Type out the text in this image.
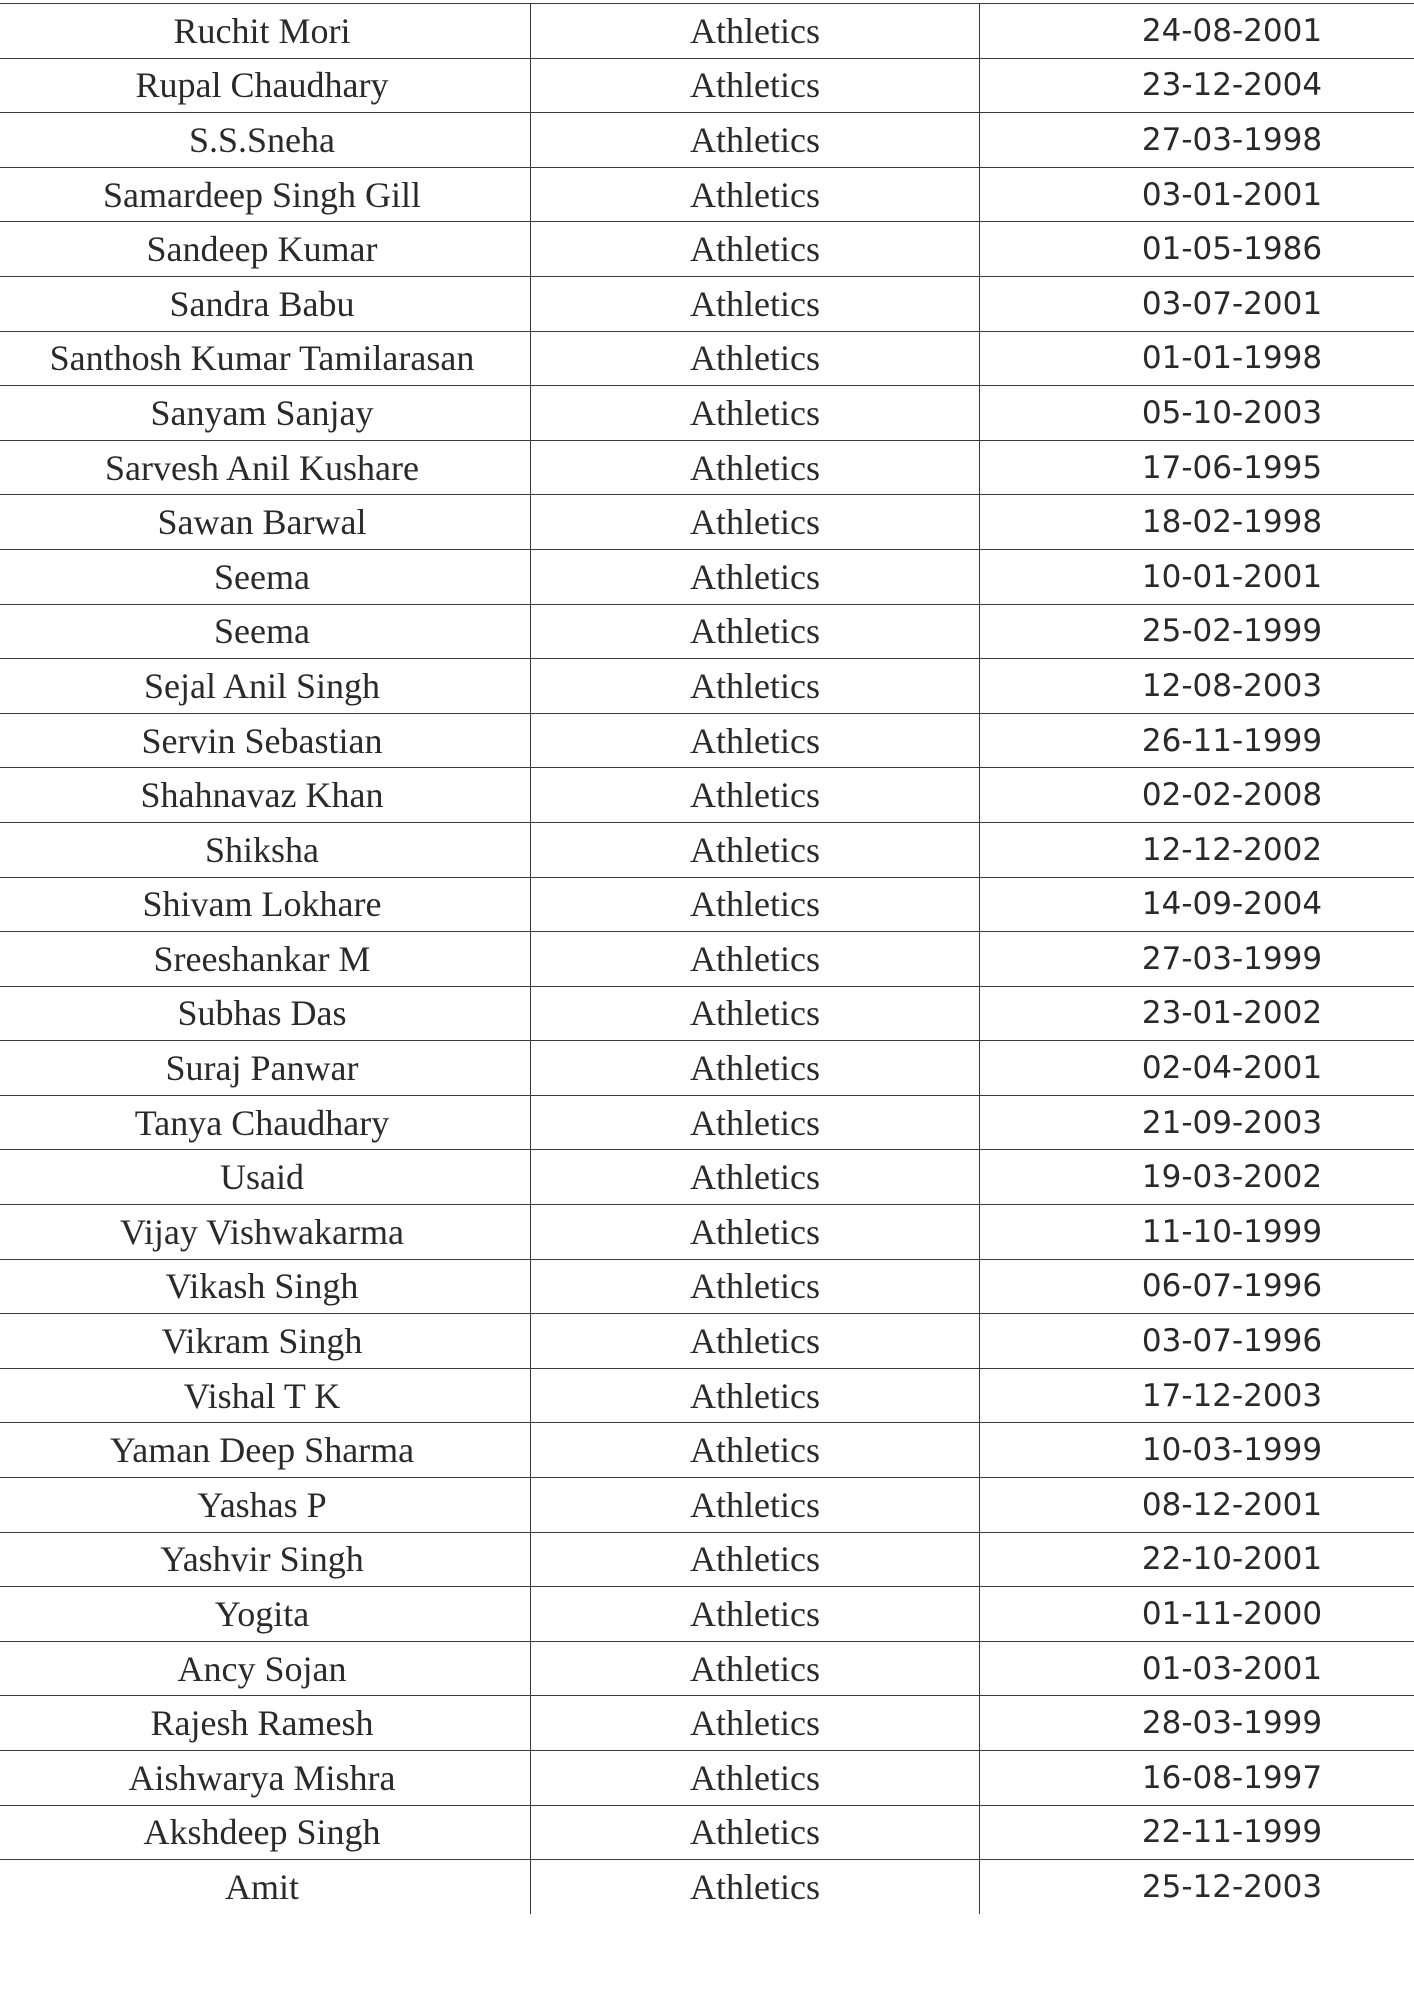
Ruchit Mori	Athletics	24-08-2001
Rupal Chaudhary	Athletics	23-12-2004
S.S.Sneha	Athletics	27-03-1998
Samardeep Singh Gill	Athletics	03-01-2001
Sandeep Kumar	Athletics	01-05-1986
Sandra Babu	Athletics	03-07-2001
Santhosh Kumar Tamilarasan	Athletics	01-01-1998
Sanyam Sanjay	Athletics	05-10-2003
Sarvesh Anil Kushare	Athletics	17-06-1995
Sawan Barwal	Athletics	18-02-1998
Seema	Athletics	10-01-2001
Seema	Athletics	25-02-1999
Sejal Anil Singh	Athletics	12-08-2003
Servin Sebastian	Athletics	26-11-1999
Shahnavaz Khan	Athletics	02-02-2008
Shiksha	Athletics	12-12-2002
Shivam Lokhare	Athletics	14-09-2004
Sreeshankar M	Athletics	27-03-1999
Subhas Das	Athletics	23-01-2002
Suraj Panwar	Athletics	02-04-2001
Tanya Chaudhary	Athletics	21-09-2003
Usaid	Athletics	19-03-2002
Vijay Vishwakarma	Athletics	11-10-1999
Vikash Singh	Athletics	06-07-1996
Vikram Singh	Athletics	03-07-1996
Vishal T K	Athletics	17-12-2003
Yaman Deep Sharma	Athletics	10-03-1999
Yashas P	Athletics	08-12-2001
Yashvir Singh	Athletics	22-10-2001
Yogita	Athletics	01-11-2000
Ancy Sojan	Athletics	01-03-2001
Rajesh Ramesh	Athletics	28-03-1999
Aishwarya Mishra	Athletics	16-08-1997
Akshdeep Singh	Athletics	22-11-1999
Amit	Athletics	25-12-2003
